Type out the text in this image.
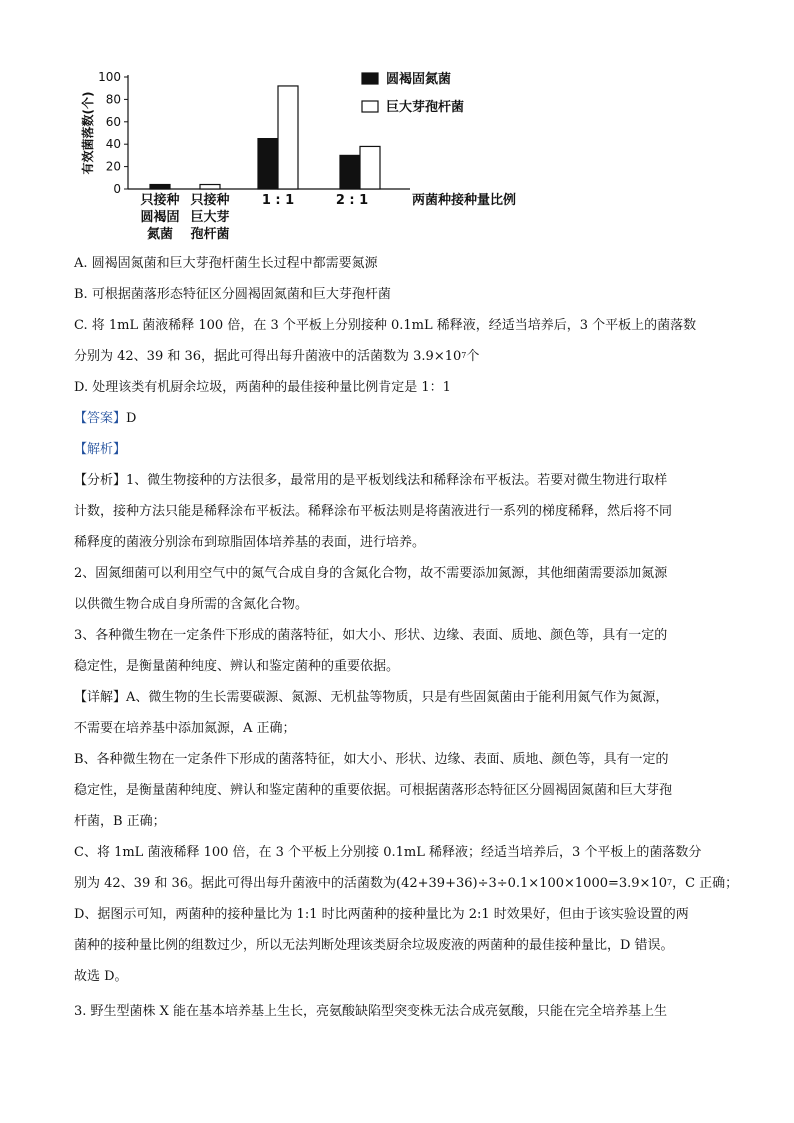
有效菌落数(个)
0
20
40
60
80
100
只接种
圆褐固
氮菌
只接种
巨大芽
孢杆菌
1 : 1	2 : 1	两菌种接种量比例
圆褐固氮菌
巨大芽孢杆菌
A. 圆褐固氮菌和巨大芽孢杆菌生长过程中都需要氮源
B. 可根据菌落形态特征区分圆褐固氮菌和巨大芽孢杆菌
C. 将 1mL 菌液稀释 100 倍，在 3 个平板上分别接种 0.1mL 稀释液，经适当培养后，3 个平板上的菌落数
分别为 42、39 和 36，据此可得出每升菌液中的活菌数为 $3.9\times 10^7$个
D. 处理该类有机厨余垃圾，两菌种的最佳接种量比例肯定是 1：1
【答案】D
【解析】
【分析】1、微生物接种的方法很多，最常用的是平板划线法和稀释涂布平板法。若要对微生物进行取样
计数，接种方法只能是稀释涂布平板法。稀释涂布平板法则是将菌液进行一系列的梯度稀释，然后将不同
稀释度的菌液分别涂布到琼脂固体培养基的表面，进行培养。
2、固氮细菌可以利用空气中的氮气合成自身的含氮化合物，故不需要添加氮源，其他细菌需要添加氮源
以供微生物合成自身所需的含氮化合物。
3、各种微生物在一定条件下形成的菌落特征，如大小、形状、边缘、表面、质地、颜色等，具有一定的
稳定性，是衡量菌种纯度、辨认和鉴定菌种的重要依据。
【详解】A、微生物的生长需要碳源、氮源、无机盐等物质，只是有些固氮菌由于能利用氮气作为氮源，
不需要在培养基中添加氮源，A 正确；
B、各种微生物在一定条件下形成的菌落特征，如大小、形状、边缘、表面、质地、颜色等，具有一定的
稳定性，是衡量菌种纯度、辨认和鉴定菌种的重要依据。可根据菌落形态特征区分圆褐固氮菌和巨大芽孢
杆菌，B 正确；
C、将 1mL 菌液稀释 100 倍，在 3 个平板上分别接 0.1mL 稀释液；经适当培养后，3 个平板上的菌落数分
别为 42、39 和 36。据此可得出每升菌液中的活菌数为$(42+39+36)\div 3\div 0.1\times 100\times 1000=3.9\times 10^7$，C 正确；
D、据图示可知，两菌种的接种量比为 1:1 时比两菌种的接种量比为 2:1 时效果好，但由于该实验设置的两
菌种的接种量比例的组数过少，所以无法判断处理该类厨余垃圾废液的两菌种的最佳接种量比，D 错误。
故选 D。
3. 野生型菌株 X 能在基本培养基上生长，亮氨酸缺陷型突变株无法合成亮氨酸，只能在完全培养基上生
